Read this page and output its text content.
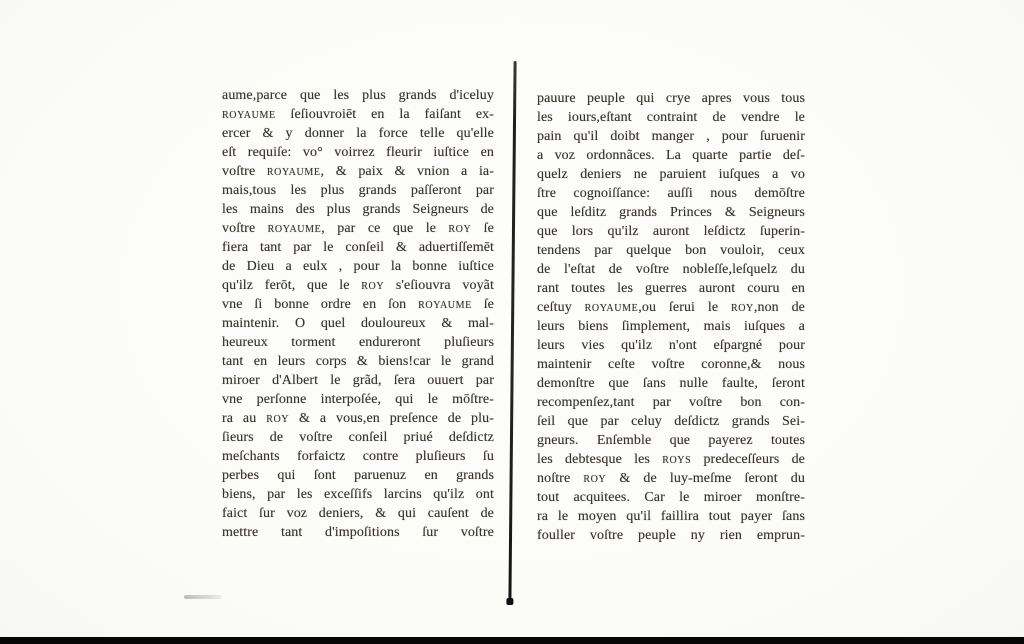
aume,parce que les plus grands d'iceluy
royaume ſeſiouvroiēt en la faiſant ex-
ercer & y donner la force telle qu'elle
eſt requiſe: vo° voirrez fleurir iuſtice en
voſtre royaume, & paix & vnion a ia-
mais,tous les plus grands paſſeront par
les mains des plus grands Seigneurs de
voſtre royaume, par ce que le roy ſe
fiera tant par le conſeil & aduertiſſemēt
de Dieu a eulx , pour la bonne iuſtice
qu'ilz ferōt, que le roy s'eſiouvra voyãt
vne ſi bonne ordre en ſon royaume ſe
maintenir. O quel douloureux & mal-
heureux torment endureront pluſieurs
tant en leurs corps & biens!car le grand
miroer d'Albert le grãd, ſera ouuert par
vne perſonne interpoſée, qui le mōſtre-
ra au roy & a vous,en preſence de plu-
ſieurs de voſtre conſeil priué deſdictz
meſchants forfaictz contre pluſieurs ſu
perbes qui ſont paruenuz en grands
biens, par les exceſſifs larcins qu'ilz ont
faict ſur voz deniers, & qui cauſent de
mettre tant d'impoſitions ſur voſtre
pauure peuple qui crye apres vous tous
les iours,eſtant contraint de vendre le
pain qu'il doibt manger , pour ſuruenir
a voz ordonnãces. La quarte partie deſ-
quelz deniers ne paruient iuſques a vo
ſtre cognoiſſance: auſſi nous demōſtre
que leſditz grands Princes & Seigneurs
que lors qu'ilz auront leſdictz ſuperin-
tendens par quelque bon vouloir, ceux
de l'eſtat de voſtre nobleſſe,leſquelz du
rant toutes les guerres auront couru en
ceſtuy royaume,ou ſerui le roy,non de
leurs biens ſimplement, mais iuſques a
leurs vies qu'ilz n'ont eſpargné pour
maintenir ceſte voſtre coronne,& nous
demonſtre que ſans nulle faulte, ſeront
recompenſez,tant par voſtre bon con-
ſeil que par celuy deſdictz grands Sei-
gneurs. Enſemble que payerez toutes
les debtesque les roys predeceſſeurs de
noſtre roy & de luy-meſme ſeront du
tout acquitees. Car le miroer monſtre-
ra le moyen qu'il faillira tout payer ſans
fouller voſtre peuple ny rien emprun-
